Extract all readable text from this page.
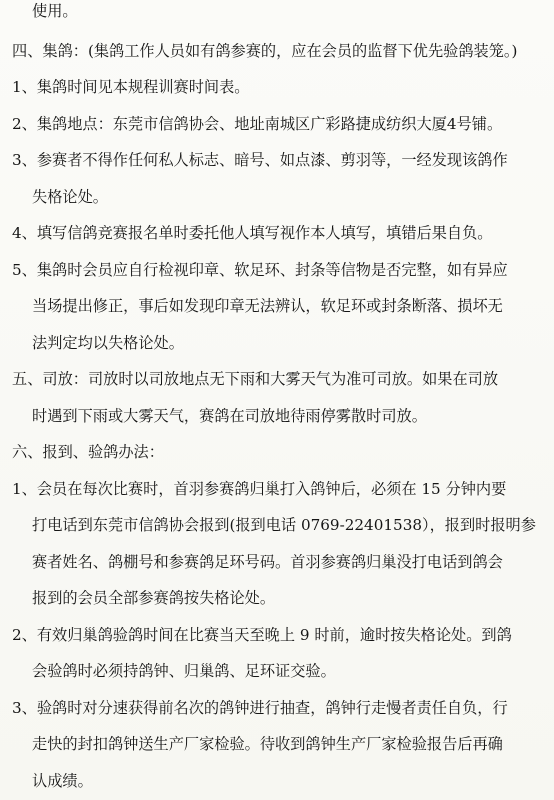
使用。
四、集鸽：(集鸽工作人员如有鸽参赛的，应在会员的监督下优先验鸽装笼。)
1、集鸽时间见本规程训赛时间表。
2、集鸽地点：东莞市信鸽协会、地址南城区广彩路捷成纺织大厦4号铺。
3、参赛者不得作任何私人标志、暗号、如点漆、剪羽等，一经发现该鸽作
失格论处。
4、填写信鸽竞赛报名单时委托他人填写视作本人填写，填错后果自负。
5、集鸽时会员应自行检视印章、软足环、封条等信物是否完整，如有异应
当场提出修正，事后如发现印章无法辨认，软足环或封条断落、损坏无
法判定均以失格论处。
五、司放：司放时以司放地点无下雨和大雾天气为准可司放。如果在司放
时遇到下雨或大雾天气，赛鸽在司放地待雨停雾散时司放。
六、报到、验鸽办法：
1、会员在每次比赛时，首羽参赛鸽归巢打入鸽钟后，必须在 15 分钟内要
打电话到东莞市信鸽协会报到(报到电话 0769-22401538），报到时报明参
赛者姓名、鸽棚号和参赛鸽足环号码。首羽参赛鸽归巢没打电话到鸽会
报到的会员全部参赛鸽按失格论处。
2、有效归巢鸽验鸽时间在比赛当天至晚上 9 时前，逾时按失格论处。到鸽
会验鸽时必须持鸽钟、归巢鸽、足环证交验。
3、验鸽时对分速获得前名次的鸽钟进行抽查，鸽钟行走慢者责任自负，行
走快的封扣鸽钟送生产厂家检验。待收到鸽钟生产厂家检验报告后再确
认成绩。
